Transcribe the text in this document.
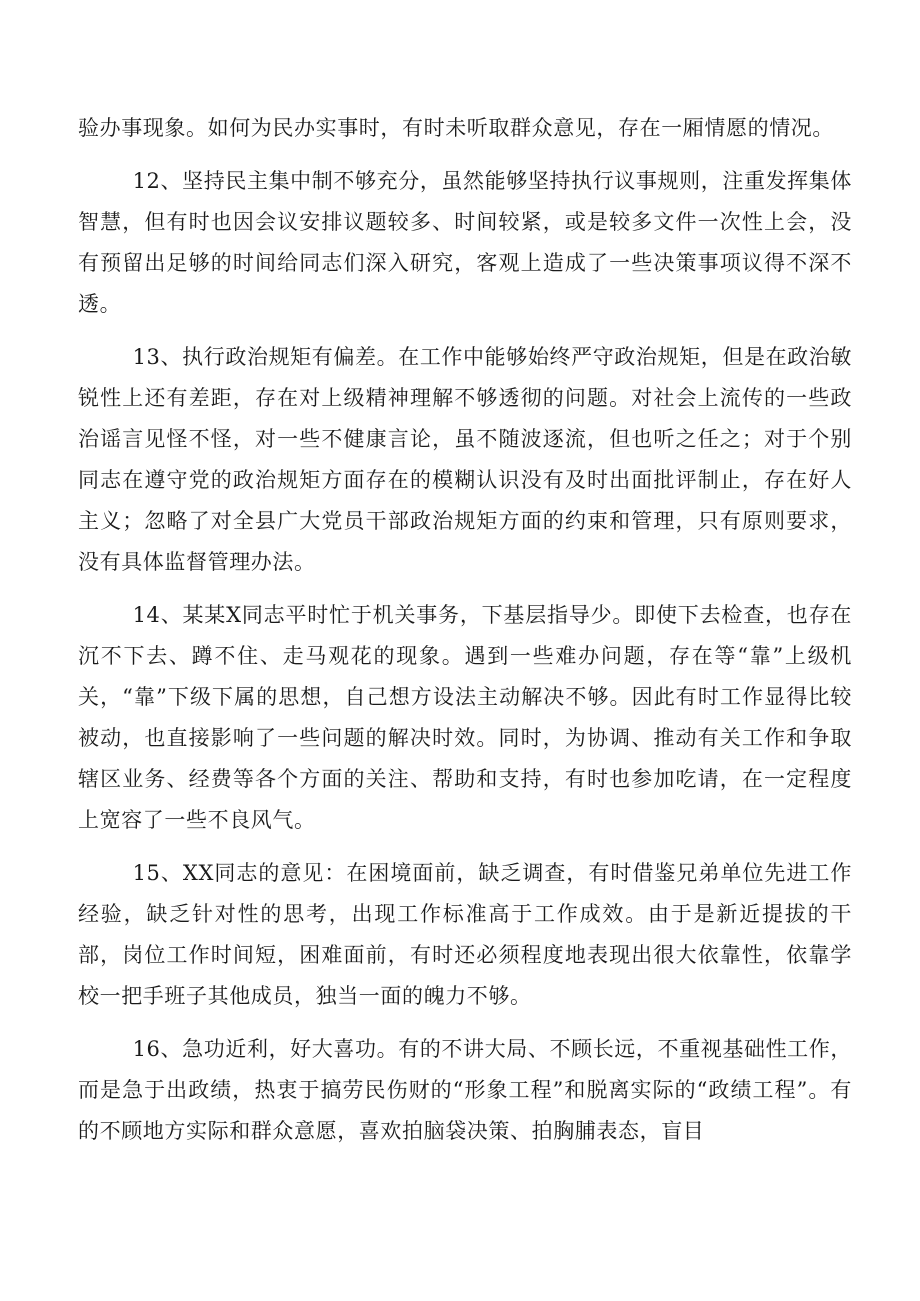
验办事现象。如何为民办实事时，有时未听取群众意见，存在一厢情愿的情况。

12、坚持民主集中制不够充分，虽然能够坚持执行议事规则，注重发挥集体智慧，但有时也因会议安排议题较多、时间较紧，或是较多文件一次性上会，没有预留出足够的时间给同志们深入研究，客观上造成了一些决策事项议得不深不透。

13、执行政治规矩有偏差。在工作中能够始终严守政治规矩，但是在政治敏锐性上还有差距，存在对上级精神理解不够透彻的问题。对社会上流传的一些政治谣言见怪不怪，对一些不健康言论，虽不随波逐流，但也听之任之；对于个别同志在遵守党的政治规矩方面存在的模糊认识没有及时出面批评制止，存在好人主义；忽略了对全县广大党员干部政治规矩方面的约束和管理，只有原则要求，没有具体监督管理办法。

14、某某X同志平时忙于机关事务，下基层指导少。即使下去检查，也存在沉不下去、蹲不住、走马观花的现象。遇到一些难办问题，存在等“靠”上级机关，“靠”下级下属的思想，自己想方设法主动解决不够。因此有时工作显得比较被动，也直接影响了一些问题的解决时效。同时，为协调、推动有关工作和争取辖区业务、经费等各个方面的关注、帮助和支持，有时也参加吃请，在一定程度上宽容了一些不良风气。

15、XX同志的意见：在困境面前，缺乏调查，有时借鉴兄弟单位先进工作经验，缺乏针对性的思考，出现工作标准高于工作成效。由于是新近提拔的干部，岗位工作时间短，困难面前，有时还必须程度地表现出很大依靠性，依靠学校一把手班子其他成员，独当一面的魄力不够。

16、急功近利，好大喜功。有的不讲大局、不顾长远，不重视基础性工作，而是急于出政绩，热衷于搞劳民伤财的“形象工程”和脱离实际的“政绩工程”。有的不顾地方实际和群众意愿，喜欢拍脑袋决策、拍胸脯表态，盲目
